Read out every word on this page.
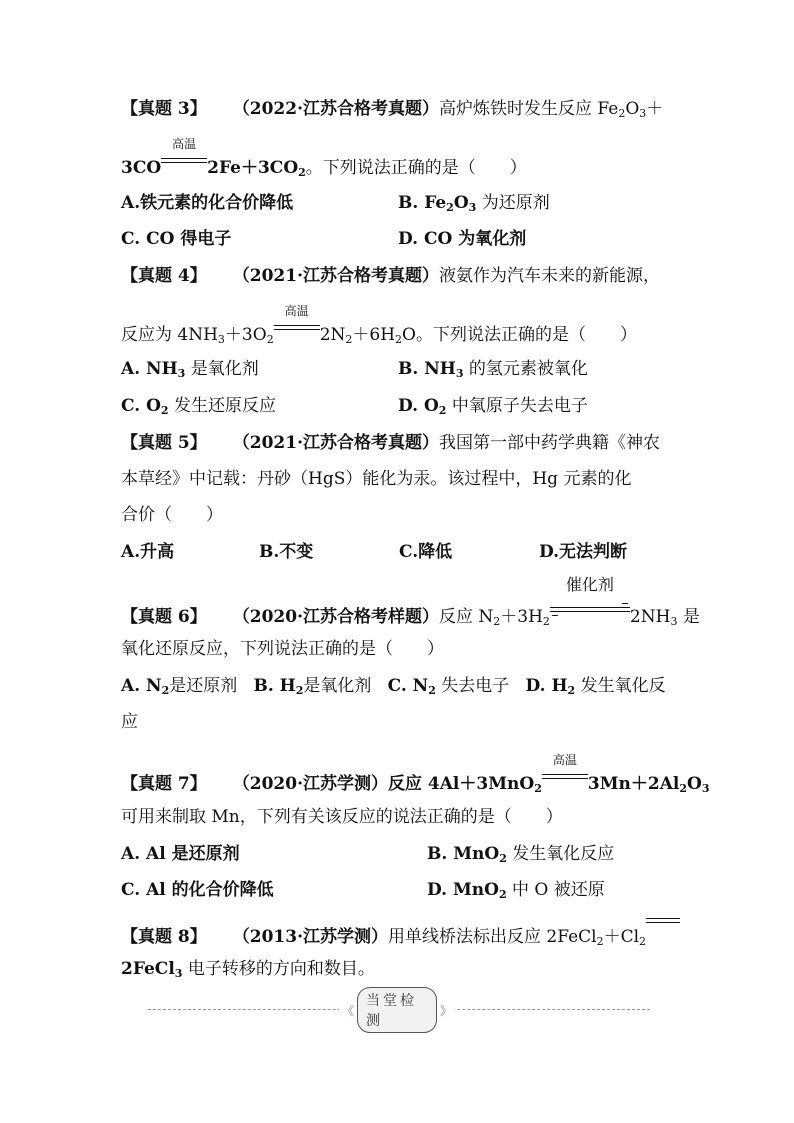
【真题 3】 （2022·江苏合格考真题）高炉炼铁时发生反应 $Fe_2O_3+$
3CO
高温
$2Fe+3CO_2$。下列说法正确的是（　　）
A.铁元素的化合价降低	B. $Fe_2O_3$ 为还原剂
C. CO 得电子	D. CO 为氧化剂
【真题 4】 （2021·江苏合格考真题）液氨作为汽车未来的新能源，
反应为 $4NH_3+3O_2$
高温
$2N_2+6H_2O$。下列说法正确的是（　　）
A. $NH_3$ 是氧化剂	B. $NH_3$ 的氢元素被氧化
C. $O_2$ 发生还原反应	D. $O_2$ 中氧原子失去电子
【真题 5】 （2021·江苏合格考真题）我国第一部中药学典籍《神农
本草经》中记载：丹砂（HgS）能化为汞。该过程中，Hg 元素的化
合价（　　）
A.升高	B.不变	C.降低	D.无法判断
【真题 6】 （2020·江苏合格考样题）反应 $N_2+3H_2$
催化剂
$2NH_3$ 是
氧化还原反应，下列说法正确的是（　　）
A. $N_2$是还原剂 B. $H_2$是氧化剂 C. $N_2$ 失去电子 D. $H_2$ 发生氧化反
应
【真题 7】 （2020·江苏学测）反应 4Al＋3MnO$_2$
高温
$3Mn+2Al_2O_3$
可用来制取 Mn，下列有关该反应的说法正确的是（　　）
A. Al 是还原剂	B. MnO$_2$ 发生氧化反应
C. Al 的化合价降低	D. MnO$_2$ 中 O 被还原
【真题 8】 （2013·江苏学测）用单线桥法标出反应 $2FeCl_2+Cl_2$
2FeCl$_3$ 电子转移的方向和数目。
《
当堂检测
》
